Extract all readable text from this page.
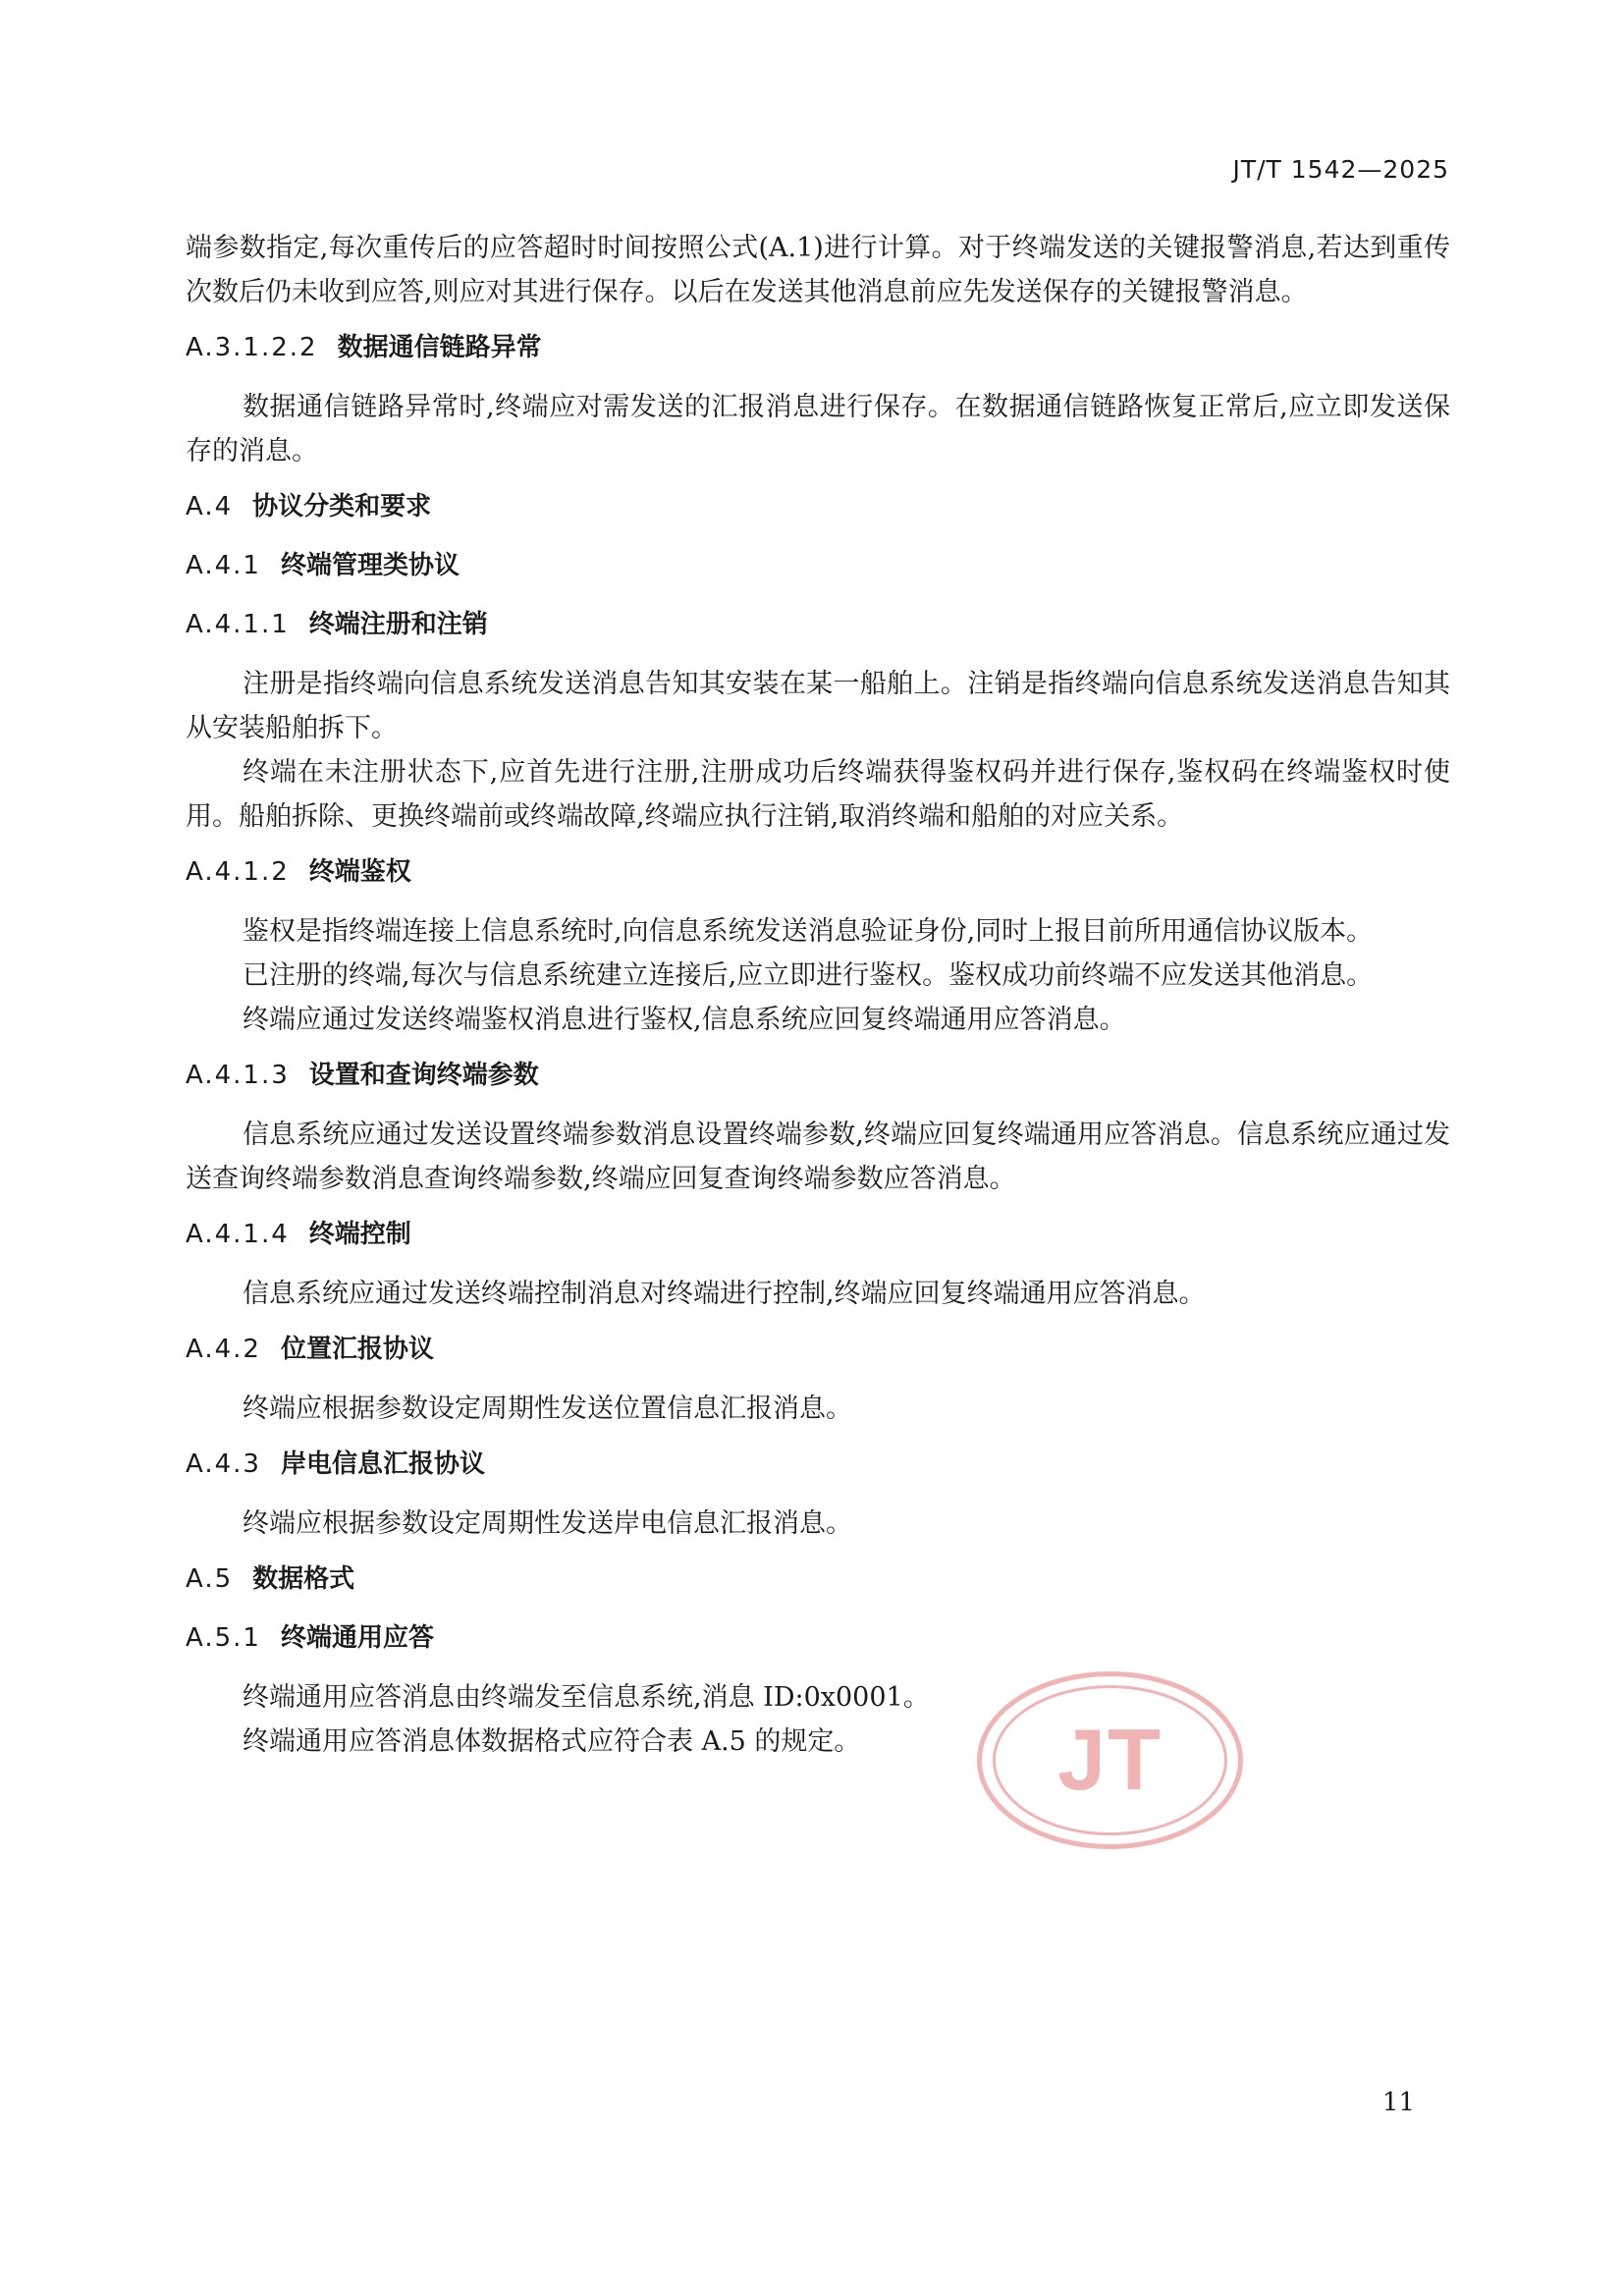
JT/T 1542—2025

端参数指定,每次重传后的应答超时时间按照公式(A.1)进行计算。对于终端发送的关键报警消息,若达到重传次数后仍未收到应答,则应对其进行保存。以后在发送其他消息前应先发送保存的关键报警消息。

A.3.1.2.2 数据通信链路异常

数据通信链路异常时,终端应对需发送的汇报消息进行保存。在数据通信链路恢复正常后,应立即发送保存的消息。

A.4 协议分类和要求
A.4.1 终端管理类协议
A.4.1.1 终端注册和注销

注册是指终端向信息系统发送消息告知其安装在某一船舶上。注销是指终端向信息系统发送消息告知其从安装船舶拆下。

终端在未注册状态下,应首先进行注册,注册成功后终端获得鉴权码并进行保存,鉴权码在终端鉴权时使用。船舶拆除、更换终端前或终端故障,终端应执行注销,取消终端和船舶的对应关系。

A.4.1.2 终端鉴权

鉴权是指终端连接上信息系统时,向信息系统发送消息验证身份,同时上报目前所用通信协议版本。

已注册的终端,每次与信息系统建立连接后,应立即进行鉴权。鉴权成功前终端不应发送其他消息。

终端应通过发送终端鉴权消息进行鉴权,信息系统应回复终端通用应答消息。

A.4.1.3 设置和查询终端参数

信息系统应通过发送设置终端参数消息设置终端参数,终端应回复终端通用应答消息。信息系统应通过发送查询终端参数消息查询终端参数,终端应回复查询终端参数应答消息。

A.4.1.4 终端控制

信息系统应通过发送终端控制消息对终端进行控制,终端应回复终端通用应答消息。

A.4.2 位置汇报协议

终端应根据参数设定周期性发送位置信息汇报消息。

A.4.3 岸电信息汇报协议

终端应根据参数设定周期性发送岸电信息汇报消息。

A.5 数据格式
A.5.1 终端通用应答

终端通用应答消息由终端发至信息系统,消息 ID:0x0001。

终端通用应答消息体数据格式应符合表 A.5 的规定。	JT
11
